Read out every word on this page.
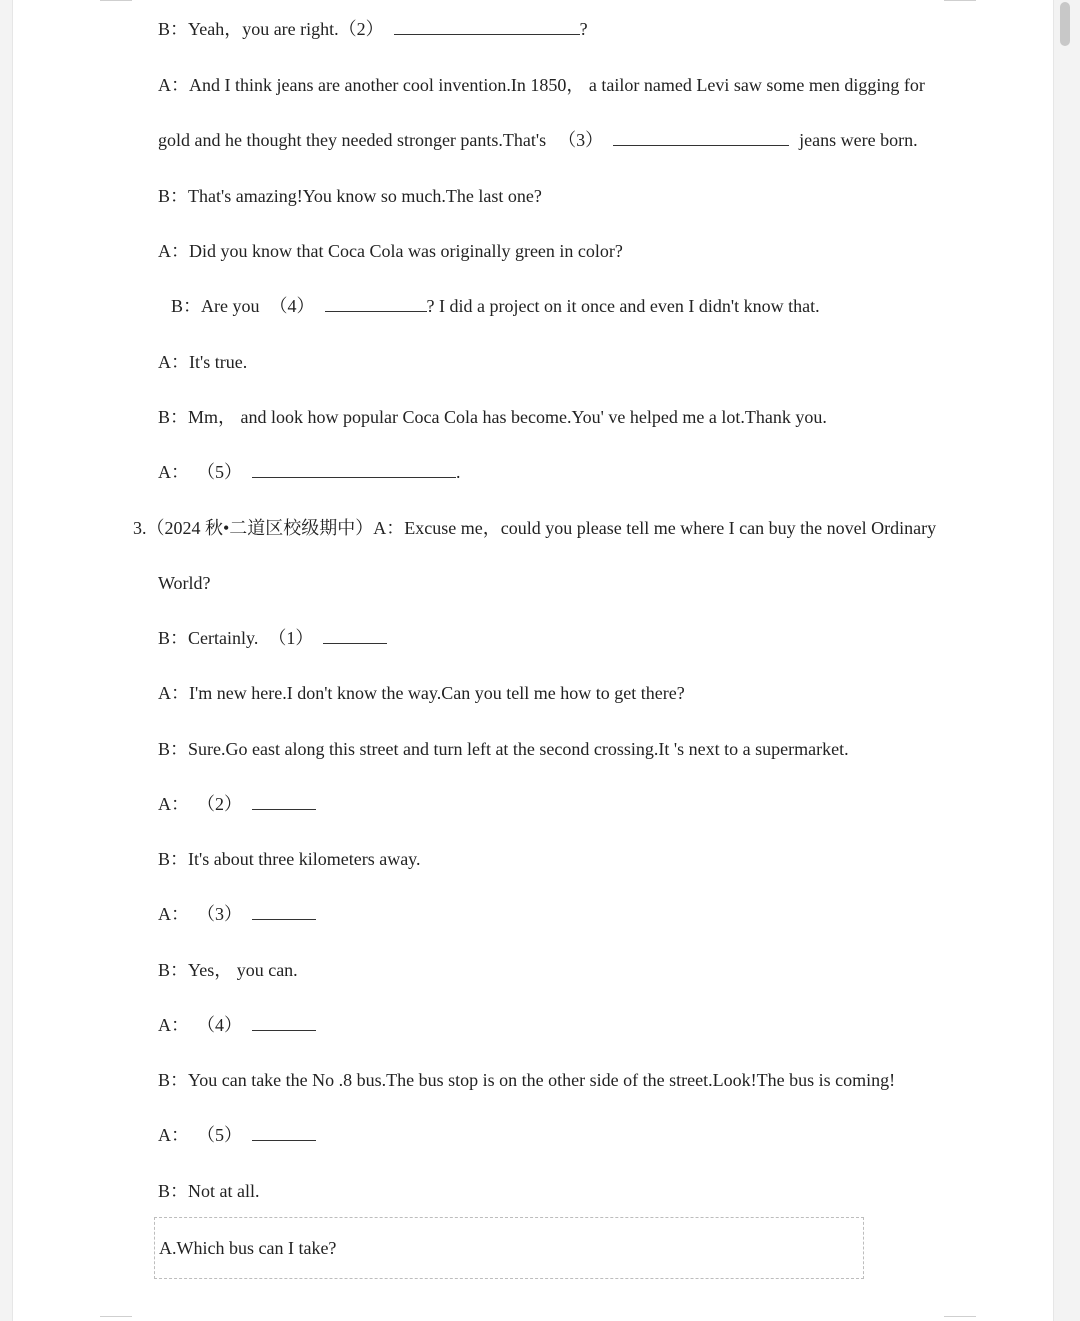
B：Yeah，you are right.（2）	?
A：And I think jeans are another cool invention.In 1850， a tailor named Levi saw some men digging for
gold and he thought they needed stronger pants.That's （3）	jeans were born.
B：That's amazing!You know so much.The last one?
A：Did you know that Coca Cola was originally green in color?
B：Are you （4）	? I did a project on it once and even I didn't know that.
A：It's true.
B：Mm， and look how popular Coca Cola has become.You' ve helped me a lot.Thank you.
A： （5）	.
3.（2024 秋•二道区校级期中）A：Excuse me，could you please tell me where I can buy the novel Ordinary
World?
B：Certainly. （1）
A：I'm new here.I don't know the way.Can you tell me how to get there?
B：Sure.Go east along this street and turn left at the second crossing.It 's next to a supermarket.
A： （2）
B：It's about three kilometers away.
A： （3）
B：Yes， you can.
A： （4）
B：You can take the No .8 bus.The bus stop is on the other side of the street.Look!The bus is coming!
A： （5）
B：Not at all.
A.Which bus can I take?
